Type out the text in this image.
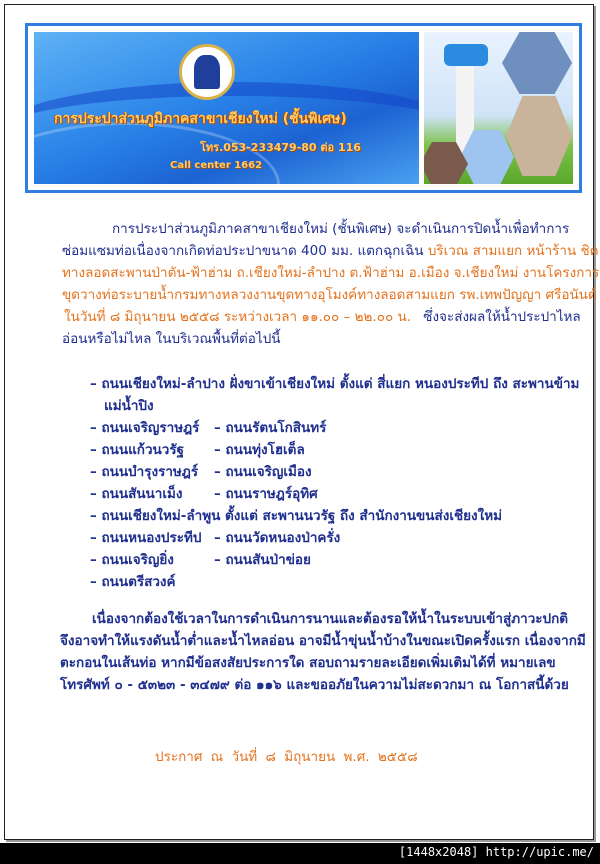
การประปาส่วนภูมิภาคสาขาเชียงใหม่ (ชั้นพิเศษ)
โทร.053-233479-80 ต่อ 116
Call center 1662
การประปาส่วนภูมิภาคสาขาเชียงใหม่ (ชั้นพิเศษ) จะดำเนินการปิดน้ำเพื่อทำการ
ซ่อมแซมท่อเนื่องจากเกิดท่อประปาขนาด 400 มม. แตกฉุกเฉิน บริเวณ สามแยก หน้าร้าน ชิค
ทางลอดสะพานป่าตัน-ฟ้าฮ่าม ถ.เชียงใหม่-ลำปาง ต.ฟ้าฮ่าม อ.เมือง จ.เชียงใหม่ งานโครงการ
ขุดวางท่อระบายน้ำกรมทางหลวงงานขุดทางอุโมงค์ทางลอดสามแยก รพ.เทพปัญญา ศรีอนันต์
ในวันที่ ๘ มิถุนายน ๒๕๕๘ ระหว่างเวลา ๑๑.๐๐ – ๒๒.๐๐ น. ซึ่งจะส่งผลให้น้ำประปาไหล
อ่อนหรือไม่ไหล ในบริเวณพื้นที่ต่อไปนี้
– ถนนเชียงใหม่-ลำปาง ฝั่งขาเข้าเชียงใหม่ ตั้งแต่ สี่แยก หนองประทีป ถึง สะพานข้าม
แม่น้ำปิง
– ถนนเจริญราษฎร์ – ถนนรัตนโกสินทร์
– ถนนแก้วนวรัฐ – ถนนทุ่งโฮเต็ล
– ถนนบำรุงราษฎร์ – ถนนเจริญเมือง
– ถนนสันนาเม็ง – ถนนราษฎร์อุทิศ
– ถนนเชียงใหม่-ลำพูน ตั้งแต่ สะพานนวรัฐ ถึง สำนักงานขนส่งเชียงใหม่
– ถนนหนองประทีป – ถนนวัดหนองป่าครั่ง
– ถนนเจริญยิ่ง	– ถนนสันป่าข่อย
– ถนนตรีสวงค์
เนื่องจากต้องใช้เวลาในการดำเนินการนานและต้องรอให้น้ำในระบบเข้าสู่ภาวะปกติ
จึงอาจทำให้แรงดันน้ำต่ำและน้ำไหลอ่อน อาจมีน้ำขุ่นน้ำบ้างในขณะเปิดครั้งแรก เนื่องจากมี
ตะกอนในเส้นท่อ หากมีข้อสงสัยประการใด สอบถามรายละเอียดเพิ่มเติมได้ที่ หมายเลข
โทรศัพท์ ๐ - ๕๓๒๓ - ๓๔๗๙ ต่อ ๑๑๖ และขออภัยในความไม่สะดวกมา ณ โอกาสนี้ด้วย
ประกาศ ณ วันที่ ๘ มิถุนายน พ.ศ. ๒๕๕๘
[1448x2048] http://upic.me/
